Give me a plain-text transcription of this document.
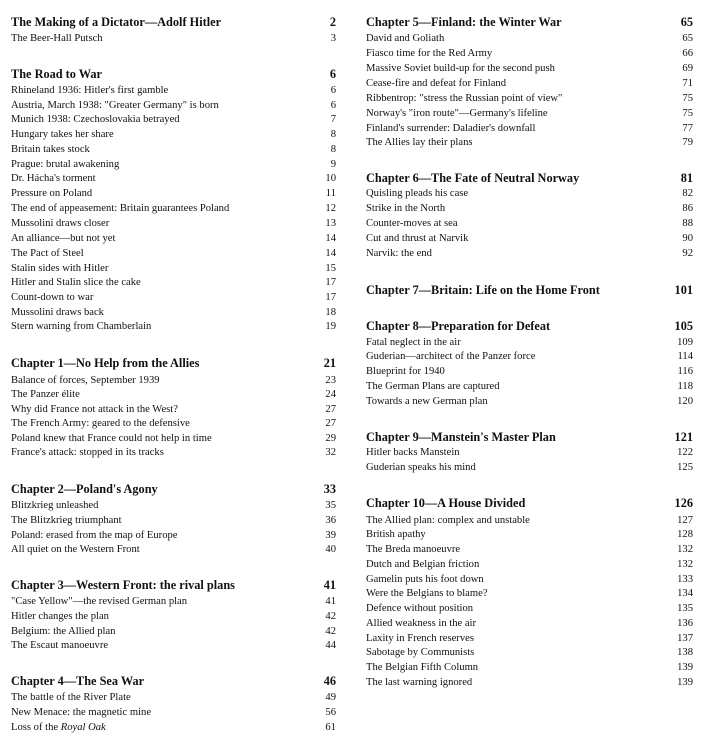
The Making of a Dictator—Adolf Hitler	2
The Beer-Hall Putsch	3
The Road to War	6
Rhineland 1936: Hitler's first gamble	6
Austria, March 1938: "Greater Germany" is born	6
Munich 1938: Czechoslovakia betrayed	7
Hungary takes her share	8
Britain takes stock	8
Prague: brutal awakening	9
Dr. Hácha's torment	10
Pressure on Poland	11
The end of appeasement: Britain guarantees Poland	12
Mussolini draws closer	13
An alliance—but not yet	14
The Pact of Steel	14
Stalin sides with Hitler	15
Hitler and Stalin slice the cake	17
Count-down to war	17
Mussolini draws back	18
Stern warning from Chamberlain	19
Chapter 1—No Help from the Allies	21
Balance of forces, September 1939	23
The Panzer élite	24
Why did France not attack in the West?	27
The French Army: geared to the defensive	27
Poland knew that France could not help in time	29
France's attack: stopped in its tracks	32
Chapter 2—Poland's Agony	33
Blitzkrieg unleashed	35
The Blitzkrieg triumphant	36
Poland: erased from the map of Europe	39
All quiet on the Western Front	40
Chapter 3—Western Front: the rival plans	41
"Case Yellow"—the revised German plan	41
Hitler changes the plan	42
Belgium: the Allied plan	42
The Escaut manoeuvre	44
Chapter 4—The Sea War	46
The battle of the River Plate	49
New Menace: the magnetic mine	56
Loss of the Royal Oak	61
Chapter 5—Finland: the Winter War	65
David and Goliath	65
Fiasco time for the Red Army	66
Massive Soviet build-up for the second push	69
Cease-fire and defeat for Finland	71
Ribbentrop: "stress the Russian point of view"	75
Norway's "iron route"—Germany's lifeline	75
Finland's surrender: Daladier's downfall	77
The Allies lay their plans	79
Chapter 6—The Fate of Neutral Norway	81
Quisling pleads his case	82
Strike in the North	86
Counter-moves at sea	88
Cut and thrust at Narvik	90
Narvik: the end	92
Chapter 7—Britain: Life on the Home Front	101
Chapter 8—Preparation for Defeat	105
Fatal neglect in the air	109
Guderian—architect of the Panzer force	114
Blueprint for 1940	116
The German Plans are captured	118
Towards a new German plan	120
Chapter 9—Manstein's Master Plan	121
Hitler backs Manstein	122
Guderian speaks his mind	125
Chapter 10—A House Divided	126
The Allied plan: complex and unstable	127
British apathy	128
The Breda manoeuvre	132
Dutch and Belgian friction	132
Gamelin puts his foot down	133
Were the Belgians to blame?	134
Defence without position	135
Allied weakness in the air	136
Laxity in French reserves	137
Sabotage by Communists	138
The Belgian Fifth Column	139
The last warning ignored	139
